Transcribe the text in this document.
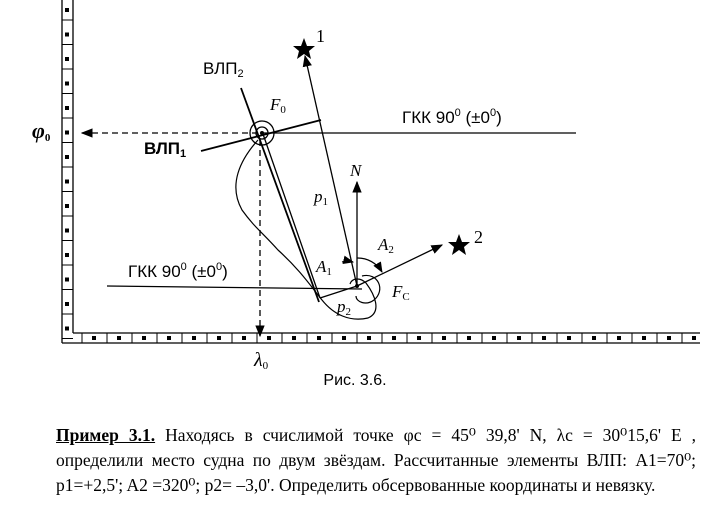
1
2
$ВЛП_2$
$ВЛП_1$
$F_0$
$\varphi_0$
ГКК $90^0$ $(\pm 0^0)$
ГКК $90^0$ $(\pm 0^0)$
N
$p_1$
$A_2$
$A_1$
$F_C$
$p_2$
$\lambda_0$
Рис. 3.6.
Пример 3.1. Находясь в счислимой точке φc = 45⁰ 39,8' N, λc = 30⁰15,6' E , определили место судна по двум звёздам. Рассчитанные элементы ВЛП: A1=70⁰; p1=+2,5'; A2 =320⁰; p2= –3,0'. Определить обсервованные координаты и невязку.
